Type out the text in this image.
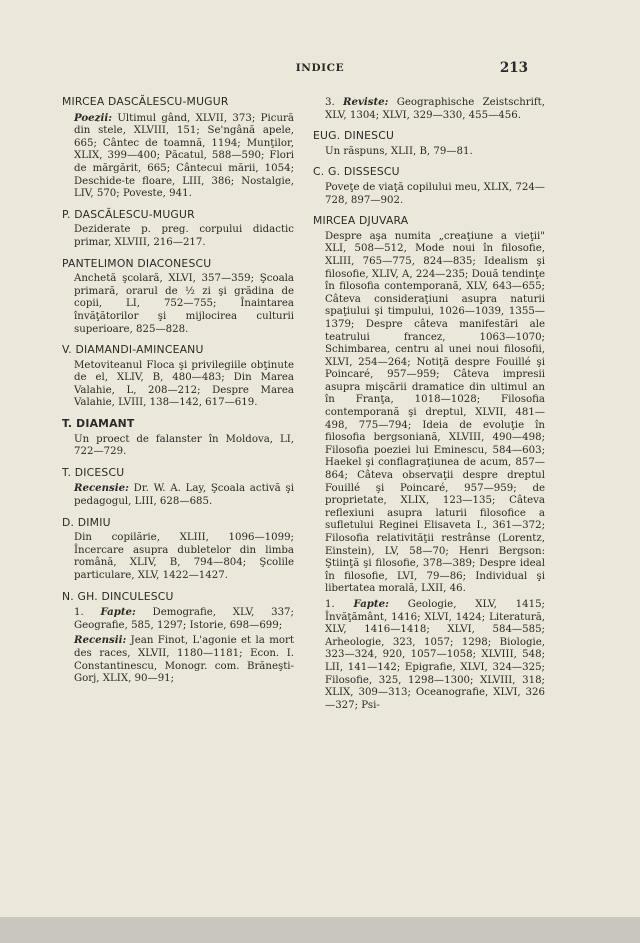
INDICE	213
MIRCEA DASCĂLESCU-MUGUR
Poezii: Ultimul gând, XLVII, 373; Picură din stele, XLVIII, 151; Se'ngână apele, 665; Cântec de toamnă, 1194; Munţilor, XLIX, 399—400; Păcatul, 588—590; Flori de mărgărit, 665; Cântecui mării, 1054; Deschide-te floare, LIII, 386; Nostalgie, LIV, 570; Poveste, 941.
P. DASCĂLESCU-MUGUR
Deziderate p. preg. corpului didactic primar, XLVIII, 216—217.
PANTELIMON DIACONESCU
Anchetă şcolară, XLVI, 357—359; Şcoala primară, orarul de ½ zi şi grădina de copii, LI, 752—755; Înaintarea învăţătorilor şi mijlocirea culturii superioare, 825—828.
V. DIAMANDI-AMINCEANU
Metoviteanul Floca şi privilegiile obţinute de el, XLIV, B, 480—483; Din Marea Valahie, L, 208—212; Despre Marea Valahie, LVIII, 138—142, 617—619.
T. DIAMANT
Un proect de falanster în Moldova, LI, 722—729.
T. DICESCU
Recensie: Dr. W. A. Lay, Şcoala activă şi pedagogul, LIII, 628—685.
D. DIMIU
Din copilărie, XLIII, 1096—1099; Încercare asupra dubletelor din limba română, XLIV, B, 794—804; Şcolile particulare, XLV, 1422—1427.
N. GH. DINCULESCU
1. Fapte: Demografie, XLV, 337; Geografie, 585, 1297; Istorie, 698—699;
Recensii: Jean Finot, L'agonie et la mort des races, XLVII, 1180—1181; Econ. I. Constantinescu, Monogr. com. Brăneşti-Gorj, XLIX, 90—91;
3. Reviste: Geographische Zeistschrift, XLV, 1304; XLVI, 329—330, 455—456.
EUG. DINESCU
Un răspuns, XLII, B, 79—81.
C. G. DISSESCU
Poveţe de viaţă copilului meu, XLIX, 724—728, 897—902.
MIRCEA DJUVARA
Despre aşa numita „creaţiune a vieţii" XLI, 508—512, Mode noui în filosofie, XLIII, 765—775, 824—835; Idealism şi filosofie, XLIV, A, 224—235; Două tendinţe în filosofia contemporană, XLV, 643—655; Câteva consideraţiuni asupra naturii spaţiului şi timpului, 1026—1039, 1355—1379; Despre câteva manifestări ale teatrului francez, 1063—1070; Schimbarea, centru al unei noui filosofii, XLVI, 254—264; Notiţă despre Fouillé şi Poincaré, 957—959; Câteva impresii asupra mişcării dramatice din ultimul an în Franţa, 1018—1028; Filosofia contemporană şi dreptul, XLVII, 481—498, 775—794; Ideia de evoluţie în filosofia bergsoniană, XLVIII, 490—498; Filosofia poeziei lui Eminescu, 584—603; Haekel şi conflagraţiunea de acum, 857—864; Câteva observaţii despre dreptul Fouillé şi Poincaré, 957—959; de proprietate, XLIX, 123—135; Câteva reflexiuni asupra laturii filosofice a sufletului Reginei Elisaveta I., 361—372; Filosofia relativităţii restrânse (Lorentz, Einstein), LV, 58—70; Henri Bergson: Ştiinţă şi filosofie, 378—389; Despre ideal în filosofie, LVI, 79—86; Individual şi libertatea morală, LXII, 46.
1. Fapte: Geologie, XLV, 1415; Învăţământ, 1416; XLVI, 1424; Literatură, XLV, 1416—1418; XLVI, 584—585; Arheologie, 323, 1057; 1298; Biologie, 323—324, 920, 1057—1058; XLVIII, 548; LII, 141—142; Epigrafie, XLVI, 324—325; Filosofie, 325, 1298—1300; XLVIII, 318; XLIX, 309—313; Oceanografie, XLVI, 326—327; Psi-
